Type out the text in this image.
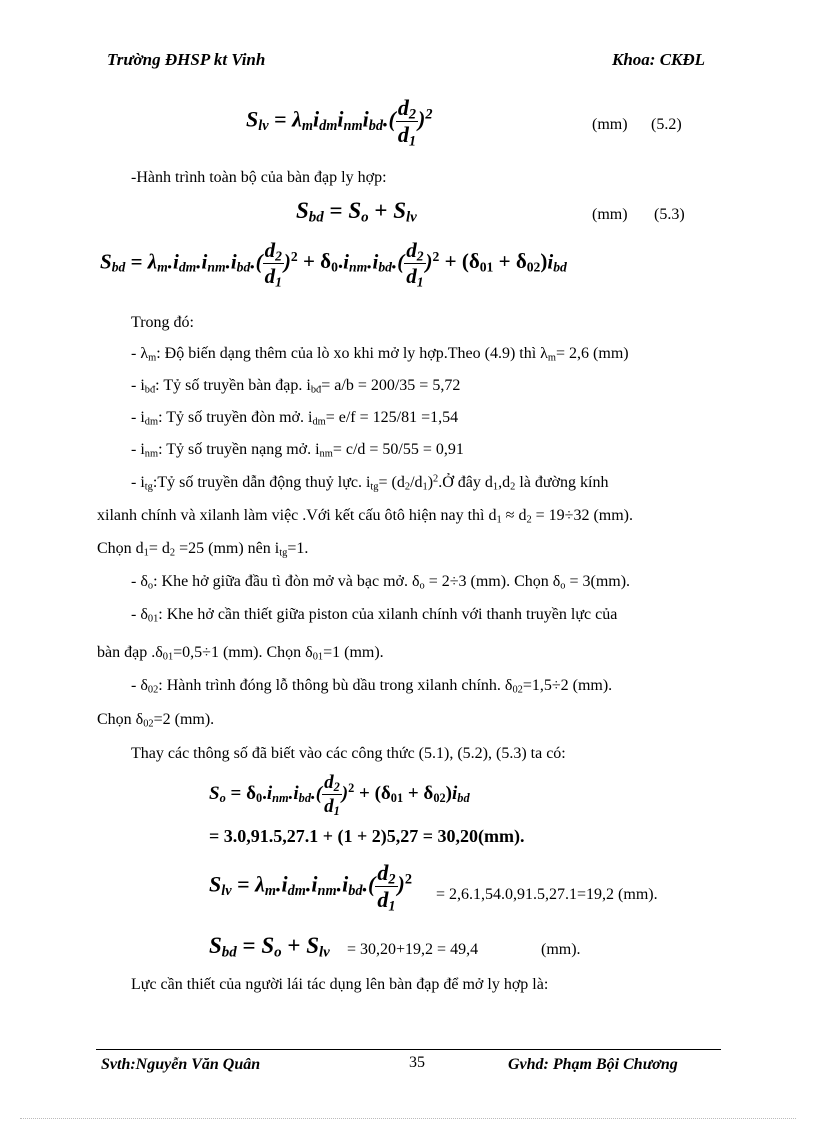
Trường ĐHSP kt Vinh	Khoa: CKĐL
$S_{lv} = \lambda_mi_{dm}i_{nm}i_{bd}.( \frac{d_2}{d_1} )^2$
(mm) (5.2)
-Hành trình toàn bộ của bàn đạp ly hợp:
$S_{bd} = S_o + S_{lv}$	(mm) (5.3)
$S_{bd} = \lambda_m.i_{dm}.i_{nm}.i_{bd}.( \frac{d_2}{d_1} )^2 + \delta_0.i_{nm}.i_{bd}.( \frac{d_2}{d_1} )^2 + (\delta_{01} + \delta_{02})i_{bd}$
Trong đó:
- $\lambda_m$: Độ biến dạng thêm của lò xo khi mở ly hợp.Theo (4.9) thì $\lambda_m= 2,6$ (mm)
- $i_{bđ}$: Tỷ số truyền bàn đạp. $i_{bđ}= a/b = 200/35 = 5,72$
- $i_{dm}$: Tỷ số truyền đòn mở. $i_{dm}= e/f = 125/81 =1,54$
- $i_{nm}$: Tỷ số truyền nạng mở. $i_{nm}= c/d = 50/55 = 0,91$
- $i_{tg}:Tỷ$ số truyền dẫn động thuỷ lực. $i_{tg}=$ $(d_2/d_1)^2.Ở$ đây $d_1,d_2$ là đường kính
xilanh chính và xilanh làm việc .Với kết cấu ôtô hiện nay thì $d_1 \approx d_2 = 19\div 32$ (mm).
Chọn $d_1= d_2 =25$ (mm) nên $i_{tg}=1$.
- $\delta_o$: Khe hở giữa đầu tì đòn mở và bạc mở. $\delta_o = 2\div 3$ (mm). Chọn $\delta_o = 3(mm)$.
- $\delta_{01}$: Khe hở cần thiết giữa piston của xilanh chính với thanh truyền lực của
bàn đạp $.\delta_{01}=0,5\div 1$ (mm). Chọn $\delta_{01}=1$ (mm).
- $\delta_{02}$: Hành trình đóng lỗ thông bù dầu trong xilanh chính. $\delta_{02}=1,5\div 2$ (mm).
Chọn $\delta_{02}=2$ (mm).
Thay các thông số đã biết vào các công thức (5.1), (5.2), (5.3) ta có:
$S_o = \delta_0.i_{nm}.i_{bd}.( \frac{d_2}{d_1} )^2 + (\delta_{01} + \delta_{02})i_{bd}$
= 3.0,91.5,27.1 + (1 + 2)5,27 = 30,20(mm).
$S_{lv} = \lambda_m.i_{dm}.i_{nm}.i_{bd}.( \frac{d_2}{d_1} )^2$
= 2,6.1,54.0,91.5,27.1=19,2 (mm).
$S_{bd} = S_o + S_{lv} = 30,20+19,2 = 49,4$	(mm).
Lực cần thiết của người lái tác dụng lên bàn đạp để mở ly hợp là:
Svth:Nguyễn Văn Quân	35	Gvhd: Phạm Bội Chương
